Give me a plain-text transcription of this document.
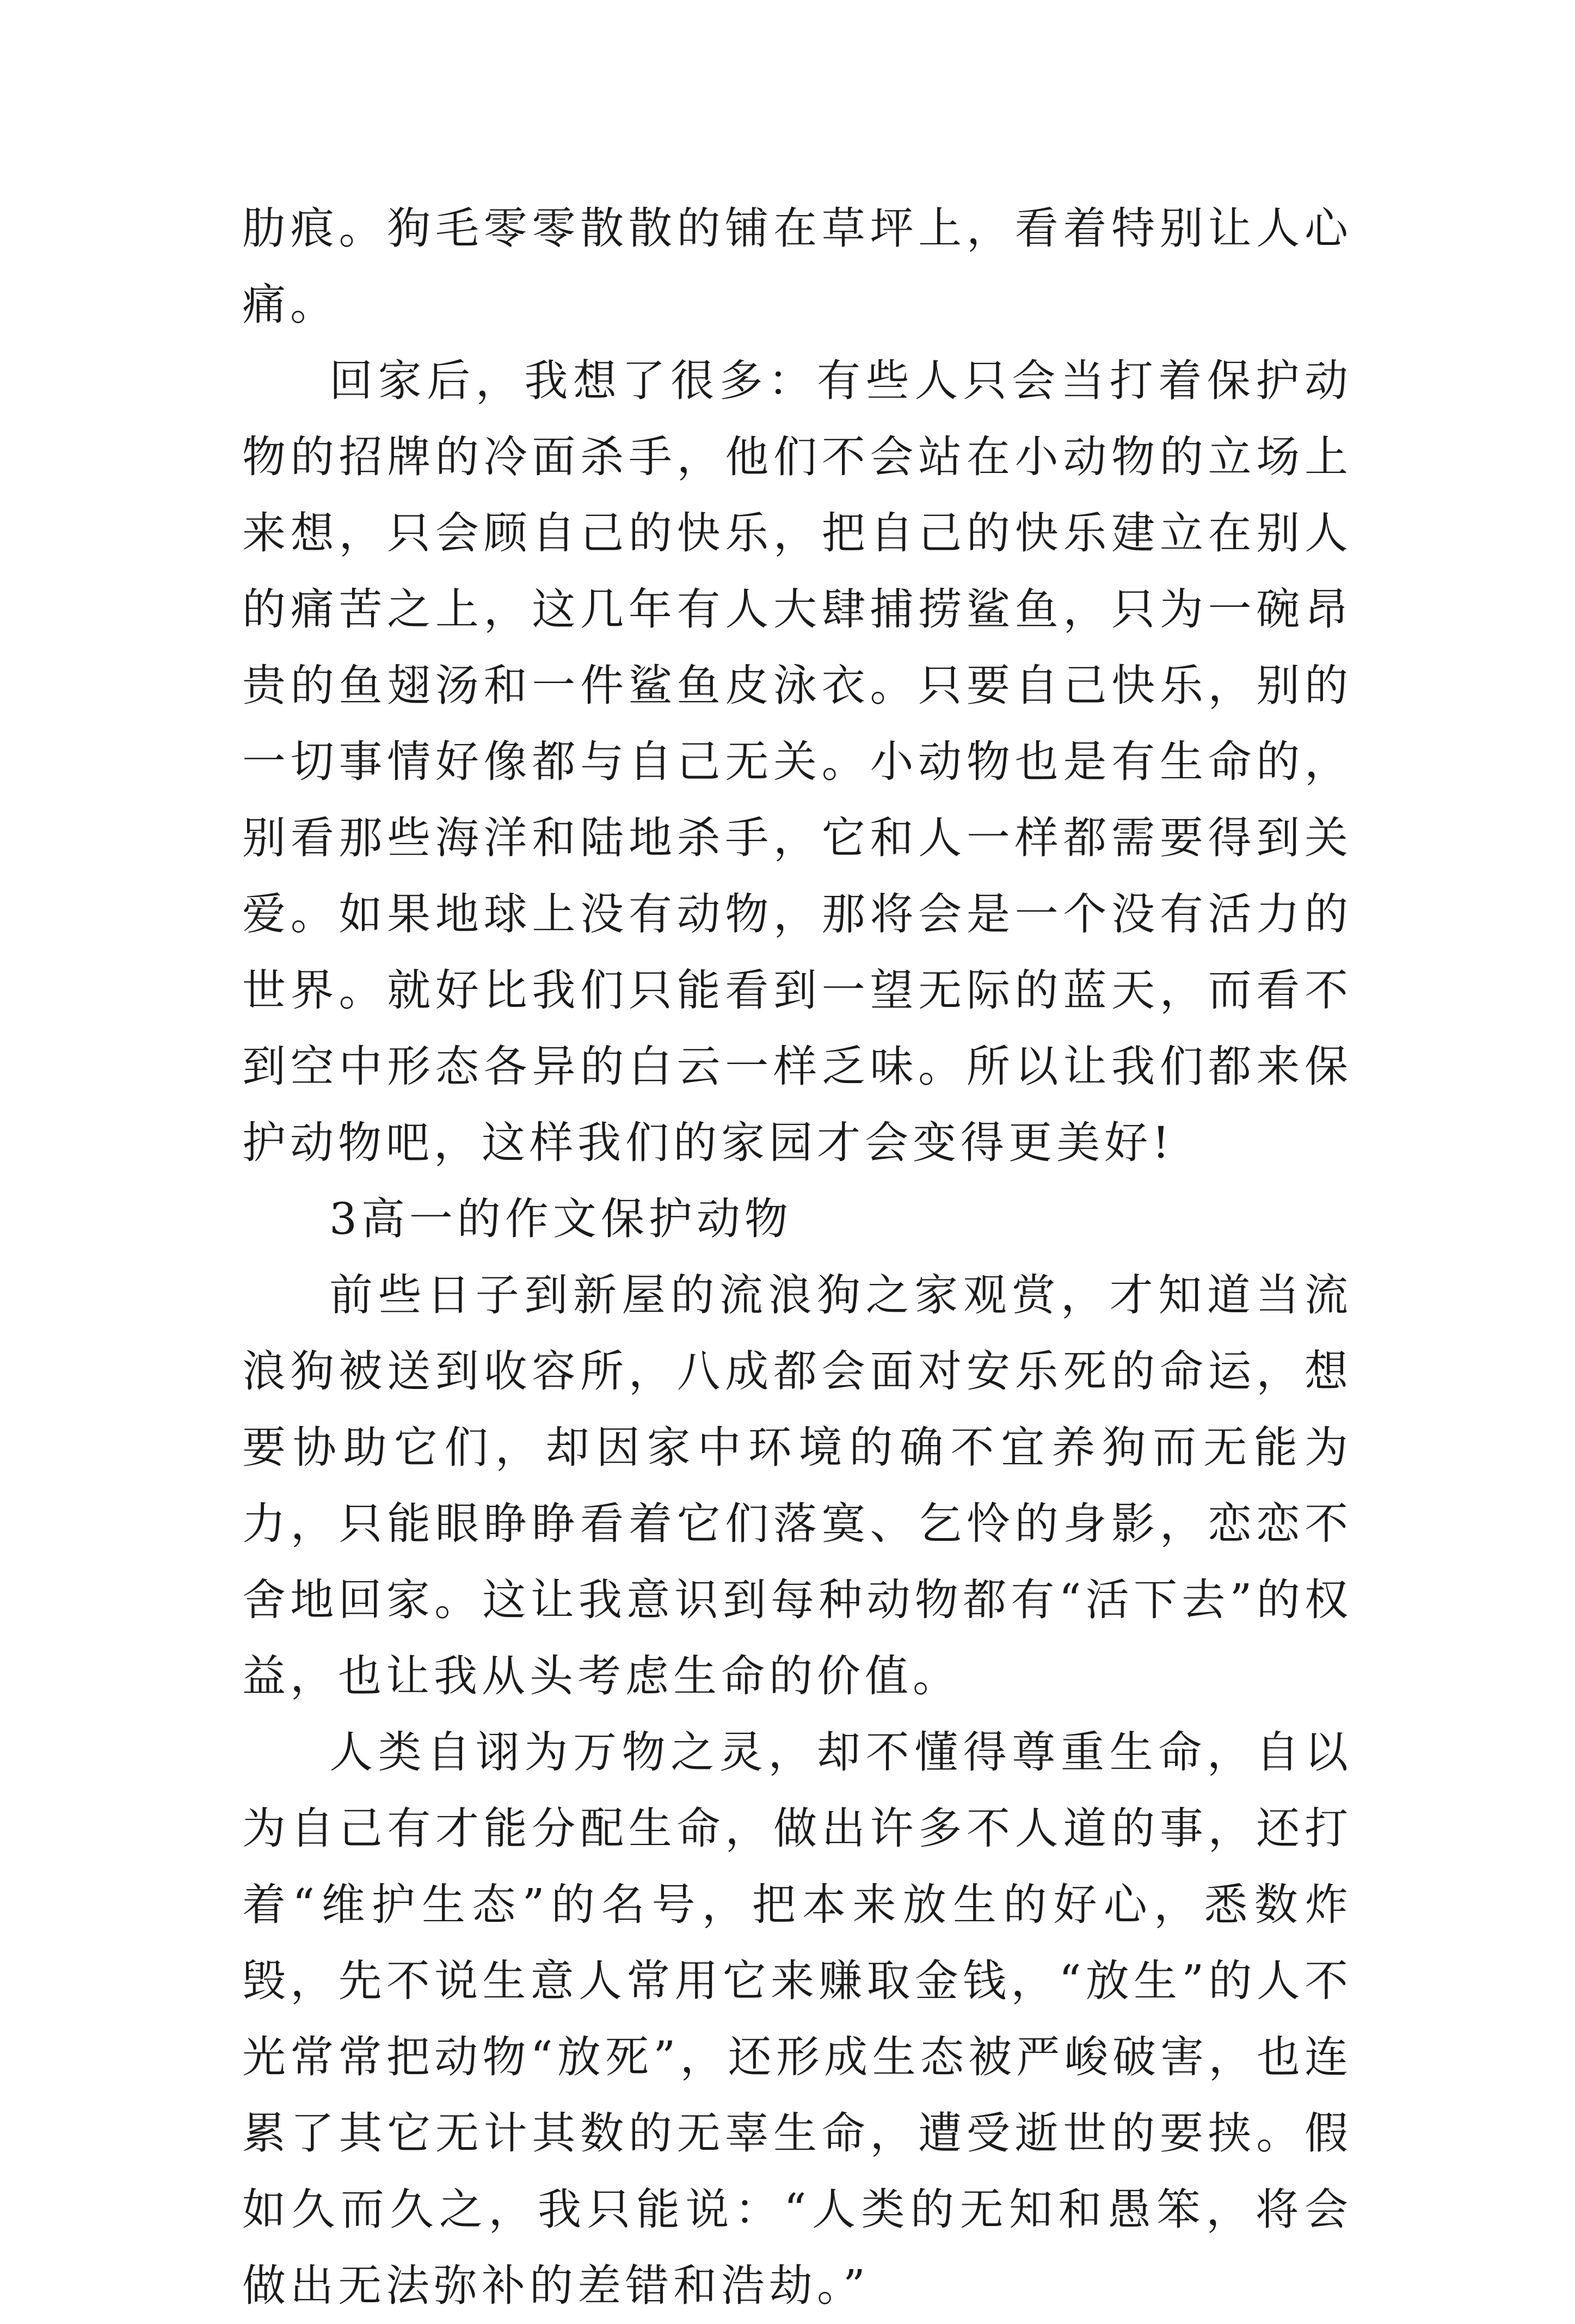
肋痕。狗毛零零散散的铺在草坪上，看着特别让人心痛。

回家后，我想了很多：有些人只会当打着保护动物的招牌的冷面杀手，他们不会站在小动物的立场上来想，只会顾自己的快乐，把自己的快乐建立在别人的痛苦之上，这几年有人大肆捕捞鲨鱼，只为一碗昂贵的鱼翅汤和一件鲨鱼皮泳衣。只要自己快乐，别的一切事情好像都与自己无关。小动物也是有生命的，别看那些海洋和陆地杀手，它和人一样都需要得到关爱。如果地球上没有动物，那将会是一个没有活力的世界。就好比我们只能看到一望无际的蓝天，而看不到空中形态各异的白云一样乏味。所以让我们都来保护动物吧，这样我们的家园才会变得更美好!

3高一的作文保护动物

前些日子到新屋的流浪狗之家观赏，才知道当流浪狗被送到收容所，八成都会面对安乐死的命运，想要协助它们，却因家中环境的确不宜养狗而无能为力，只能眼睁睁看着它们落寞、乞怜的身影，恋恋不舍地回家。这让我意识到每种动物都有“活下去”的权益，也让我从头考虑生命的价值。

人类自诩为万物之灵，却不懂得尊重生命，自以为自己有才能分配生命，做出许多不人道的事，还打着“维护生态”的名号，把本来放生的好心，悉数炸毁，先不说生意人常用它来赚取金钱，“放生”的人不光常常把动物“放死”，还形成生态被严峻破害，也连累了其它无计其数的无辜生命，遭受逝世的要挟。假如久而久之，我只能说：“人类的无知和愚笨，将会做出无法弥补的差错和浩劫。”
